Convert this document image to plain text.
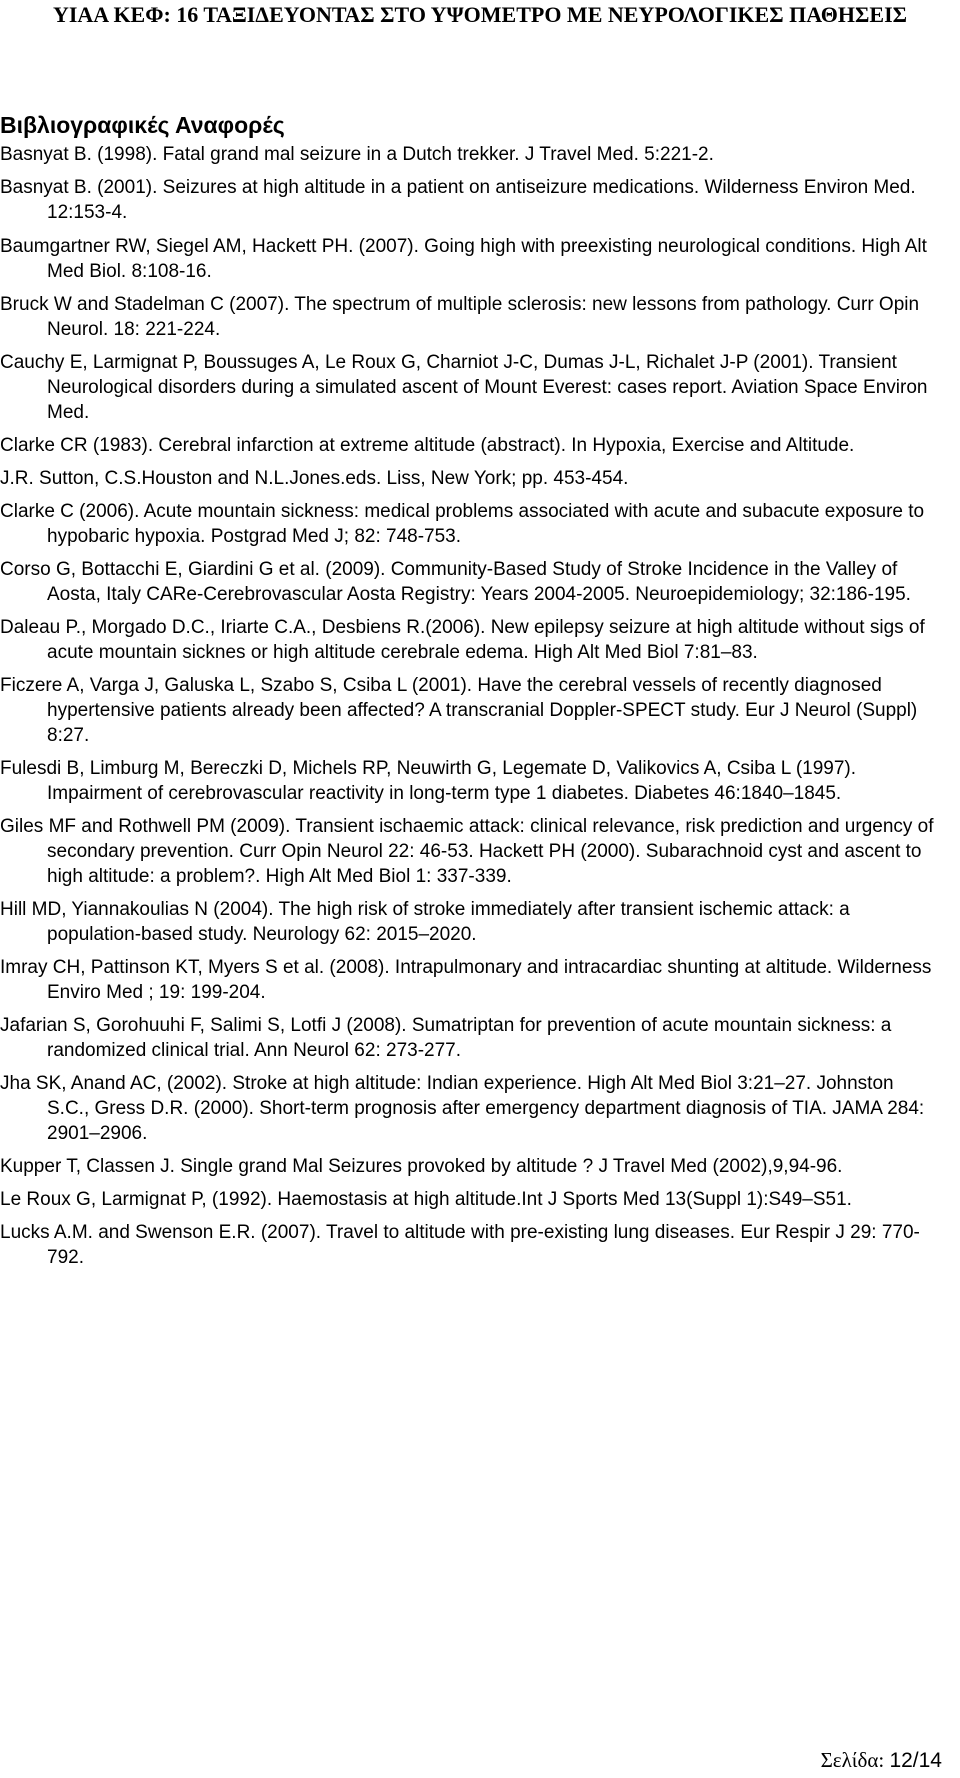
ΥΙΑΑ ΚΕΦ: 16 ΤΑΞΙΔΕΥΟΝΤΑΣ ΣΤΟ ΥΨΟΜΕΤΡΟ ΜΕ ΝΕΥΡΟΛΟΓΙΚΕΣ ΠΑΘΗΣΕΙΣ
Βιβλιογραφικές Αναφορές

Basnyat B. (1998). Fatal grand mal seizure in a Dutch trekker. J Travel Med. 5:221-2.

Basnyat B. (2001). Seizures at high altitude in a patient on antiseizure medications. Wilderness Environ Med. 12:153-4.

Baumgartner RW, Siegel AM, Hackett PH. (2007). Going high with preexisting neurological conditions. High Alt Med Biol. 8:108-16.

Bruck W and Stadelman C (2007). The spectrum of multiple sclerosis: new lessons from pathology. Curr Opin Neurol. 18: 221-224.

Cauchy E, Larmignat P, Boussuges A, Le Roux G, Charniot J-C, Dumas J-L, Richalet J-P (2001). Transient Neurological disorders during a simulated ascent of Mount Everest: cases report. Aviation Space Environ Med.

Clarke CR (1983). Cerebral infarction at extreme altitude (abstract). In Hypoxia, Exercise and Altitude.

J.R. Sutton, C.S.Houston and N.L.Jones.eds. Liss, New York; pp. 453-454.

Clarke C (2006). Acute mountain sickness: medical problems associated with acute and subacute exposure to hypobaric hypoxia. Postgrad Med J; 82: 748-753.

Corso G, Bottacchi E, Giardini G et al. (2009). Community-Based Study of Stroke Incidence in the Valley of Aosta, Italy CARe-Cerebrovascular Aosta Registry: Years 2004-2005. Neuroepidemiology; 32:186-195.

Daleau P., Morgado D.C., Iriarte C.A., Desbiens R.(2006). New epilepsy seizure at high altitude without sigs of acute mountain sicknes or high altitude cerebrale edema. High Alt Med Biol 7:81–83.

Ficzere A, Varga J, Galuska L, Szabo S, Csiba L (2001). Have the cerebral vessels of recently diagnosed hypertensive patients already been affected? A transcranial Doppler-SPECT study. Eur J Neurol (Suppl) 8:27.

Fulesdi B, Limburg M, Bereczki D, Michels RP, Neuwirth G, Legemate D, Valikovics A, Csiba L (1997). Impairment of cerebrovascular reactivity in long-term type 1 diabetes. Diabetes 46:1840–1845.

Giles MF and Rothwell PM (2009). Transient ischaemic attack: clinical relevance, risk prediction and urgency of secondary prevention. Curr Opin Neurol 22: 46-53. Hackett PH (2000). Subarachnoid cyst and ascent to high altitude: a problem?. High Alt Med Biol 1: 337-339.

Hill MD, Yiannakoulias N (2004). The high risk of stroke immediately after transient ischemic attack: a population-based study. Neurology 62: 2015–2020.

Imray CH, Pattinson KT, Myers S et al. (2008). Intrapulmonary and intracardiac shunting at altitude. Wilderness Enviro Med ; 19: 199-204.

Jafarian S, Gorohuuhi F, Salimi S, Lotfi J (2008). Sumatriptan for prevention of acute mountain sickness: a randomized clinical trial. Ann Neurol 62: 273-277.

Jha SK, Anand AC, (2002). Stroke at high altitude: Indian experience. High Alt Med Biol 3:21–27. Johnston S.C., Gress D.R. (2000). Short-term prognosis after emergency department diagnosis of TIA. JAMA 284: 2901–2906.

Kupper T, Classen J. Single grand Mal Seizures provoked by altitude ? J Travel Med (2002),9,94-96.

Le Roux G, Larmignat P, (1992). Haemostasis at high altitude.Int J Sports Med 13(Suppl 1):S49–S51.

Lucks A.M. and Swenson E.R. (2007). Travel to altitude with pre-existing lung diseases. Eur Respir J 29: 770-792.

Σελίδα: 12/14
